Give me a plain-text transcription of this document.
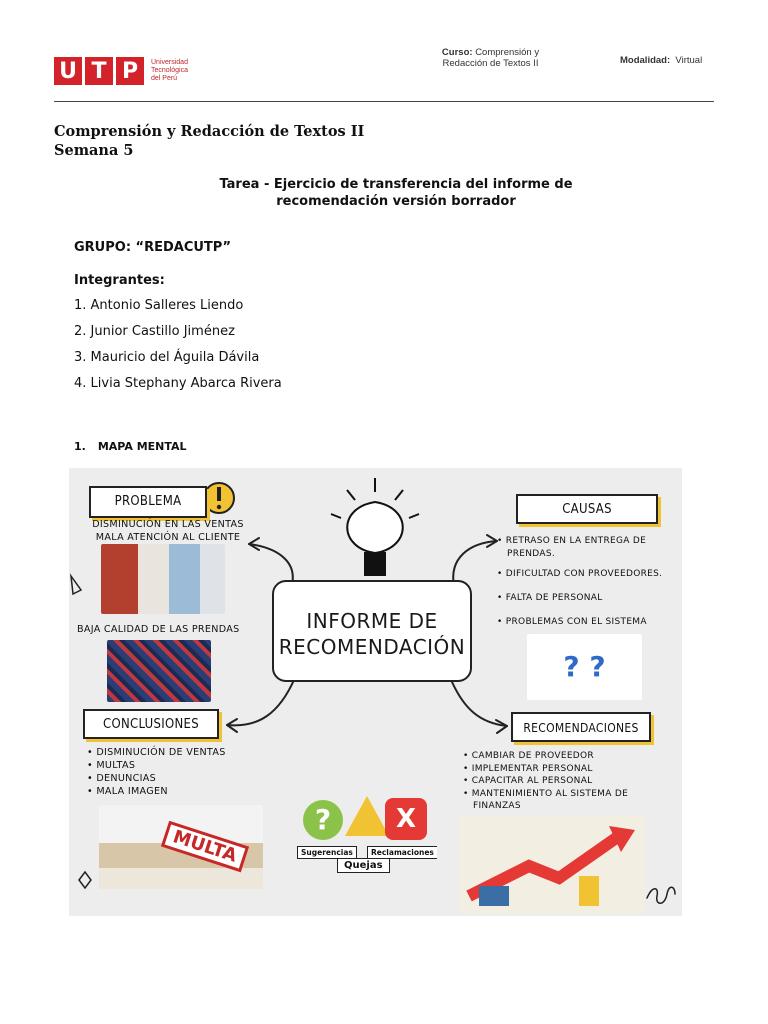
U T P	Universidad
Tecnológica
del Perú
Curso: Comprensión y
Redacción de Textos II	Modalidad: Virtual
Comprensión y Redacción de Textos II
Semana 5
Tarea - Ejercicio de transferencia del informe de
recomendación versión borrador
GRUPO: “REDACUTP”
Integrantes:
1. Antonio Salleres Liendo
2. Junior Castillo Jiménez
3. Mauricio del Águila Dávila
4. Livia Stephany Abarca Rivera
1. MAPA MENTAL
INFORME DE
RECOMENDACIÓN
PROBLEMA
DISMINUCIÓN EN LAS VENTAS
MALA ATENCIÓN AL CLIENTE
BAJA CALIDAD DE LAS PRENDAS
CAUSAS
• RETRASO EN LA ENTREGA DE PRENDAS.
• DIFICULTAD CON PROVEEDORES.
• FALTA DE PERSONAL
• PROBLEMAS CON EL SISTEMA
? ?
CONCLUSIONES
• DISMINUCIÓN DE VENTAS
• MULTAS
• DENUNCIAS
• MALA IMAGEN
MULTA
?	X
Sugerencias
Quejas
Reclamaciones
RECOMENDACIONES
• CAMBIAR DE PROVEEDOR
• IMPLEMENTAR PERSONAL
• CAPACITAR AL PERSONAL
• MANTENIMIENTO AL SISTEMA DE FINANZAS
